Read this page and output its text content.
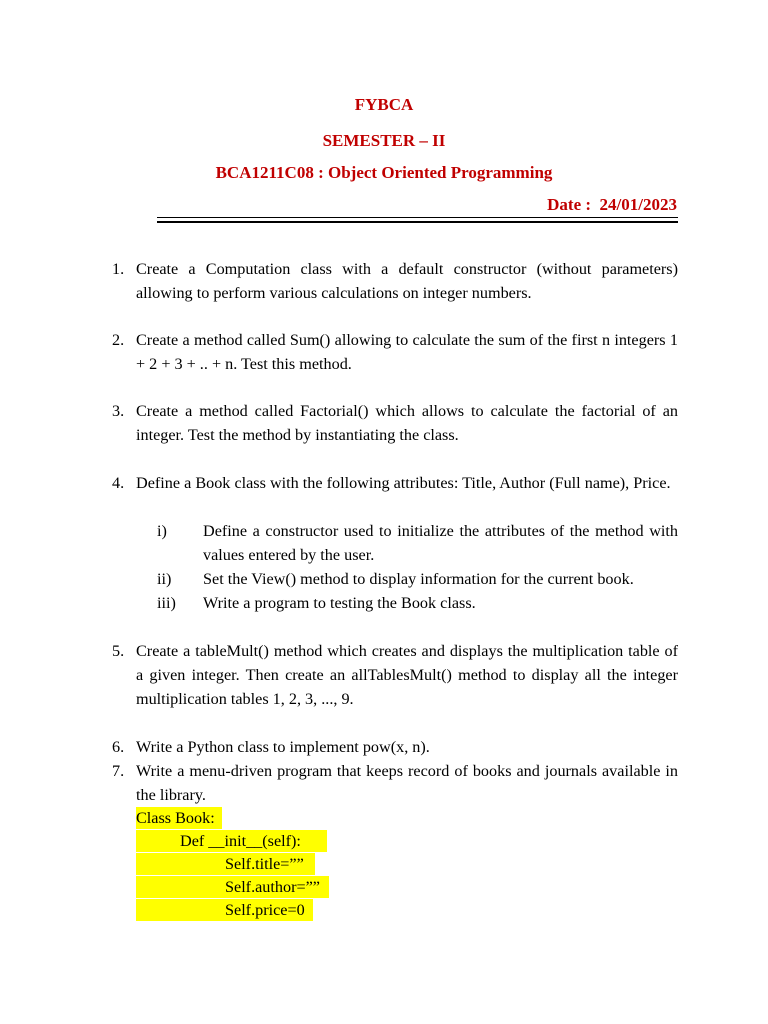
FYBCA
SEMESTER – II
BCA1211C08 : Object Oriented Programming
Date :  24/01/2023
1. Create a Computation class with a default constructor (without parameters) allowing to perform various calculations on integer numbers.
2. Create a method called Sum() allowing to calculate the sum of the first n integers 1 + 2 + 3 + .. + n. Test this method.
3. Create a method called Factorial() which allows to calculate the factorial of an integer. Test the method by instantiating the class.
4. Define a Book class with the following attributes: Title, Author (Full name), Price.
i) Define a constructor used to initialize the attributes of the method with values entered by the user.
ii) Set the View() method to display information for the current book.
iii) Write a program to testing the Book class.
5. Create a tableMult() method which creates and displays the multiplication table of a given integer. Then create an allTablesMult() method to display all the integer multiplication tables 1, 2, 3, ..., 9.
6. Write a Python class to implement pow(x, n).
7. Write a menu-driven program that keeps record of books and journals available in the library.
Class Book:
Def __init__(self):
Self.title=””
Self.author=””
Self.price=0
